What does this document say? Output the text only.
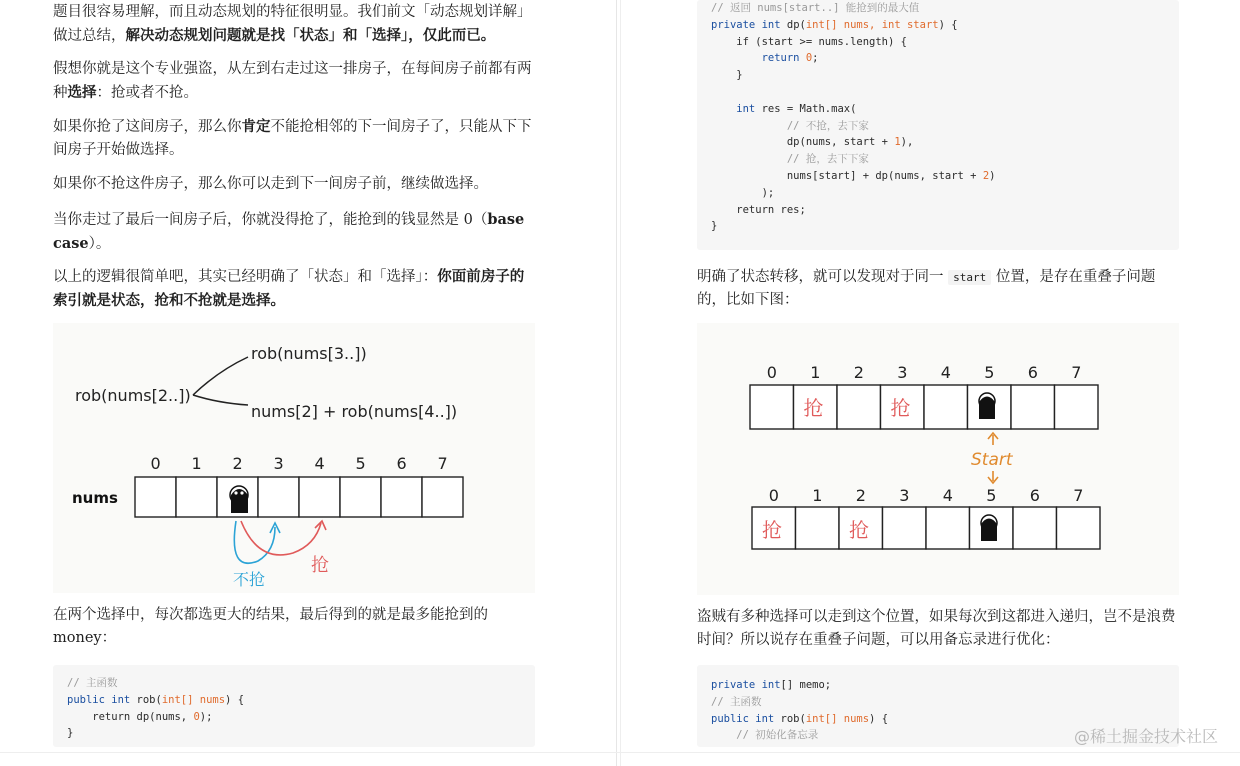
题目很容易理解，而且动态规划的特征很明显。我们前文「动态规划详解」做过总结，解决动态规划问题就是找「状态」和「选择」，仅此而已。

假想你就是这个专业强盗，从左到右走过这一排房子，在每间房子前都有两种选择：抢或者不抢。

如果你抢了这间房子，那么你肯定不能抢相邻的下一间房子了，只能从下下间房子开始做选择。

如果你不抢这件房子，那么你可以走到下一间房子前，继续做选择。

当你走过了最后一间房子后，你就没得抢了，能抢到的钱显然是 0（base case）。

以上的逻辑很简单吧，其实已经明确了「状态」和「选择」：你面前房子的索引就是状态，抢和不抢就是选择。

rob(nums[2..])
rob(nums[3..])
nums[2] + rob(nums[4..])
nums
0 1 2 3 4 5 6 7
不抢
抢

在两个选择中，每次都选更大的结果，最后得到的就是最多能抢到的 money：

// 主函数
public int rob(int[] nums) {
return dp(nums, 0);
}
// 返回 nums[start..] 能抢到的最大值
private int dp(int[] nums, int start) {
if (start >= nums.length) {
return 0;
}

int res = Math.max(
// 不抢，去下家
dp(nums, start + 1),
// 抢，去下下家
nums[start] + dp(nums, start + 2)
);
return res;
}

明确了状态转移，就可以发现对于同一 start 位置，是存在重叠子问题的，比如下图：

0 1 2 3 4 5 6 7
0 1 2 3 4 5 6 7
抢	抢
抢	抢
Start

盗贼有多种选择可以走到这个位置，如果每次到这都进入递归，岂不是浪费时间？所以说存在重叠子问题，可以用备忘录进行优化：

private int[] memo;
// 主函数
public int rob(int[] nums) {
// 初始化备忘录	@稀土掘金技术社区
